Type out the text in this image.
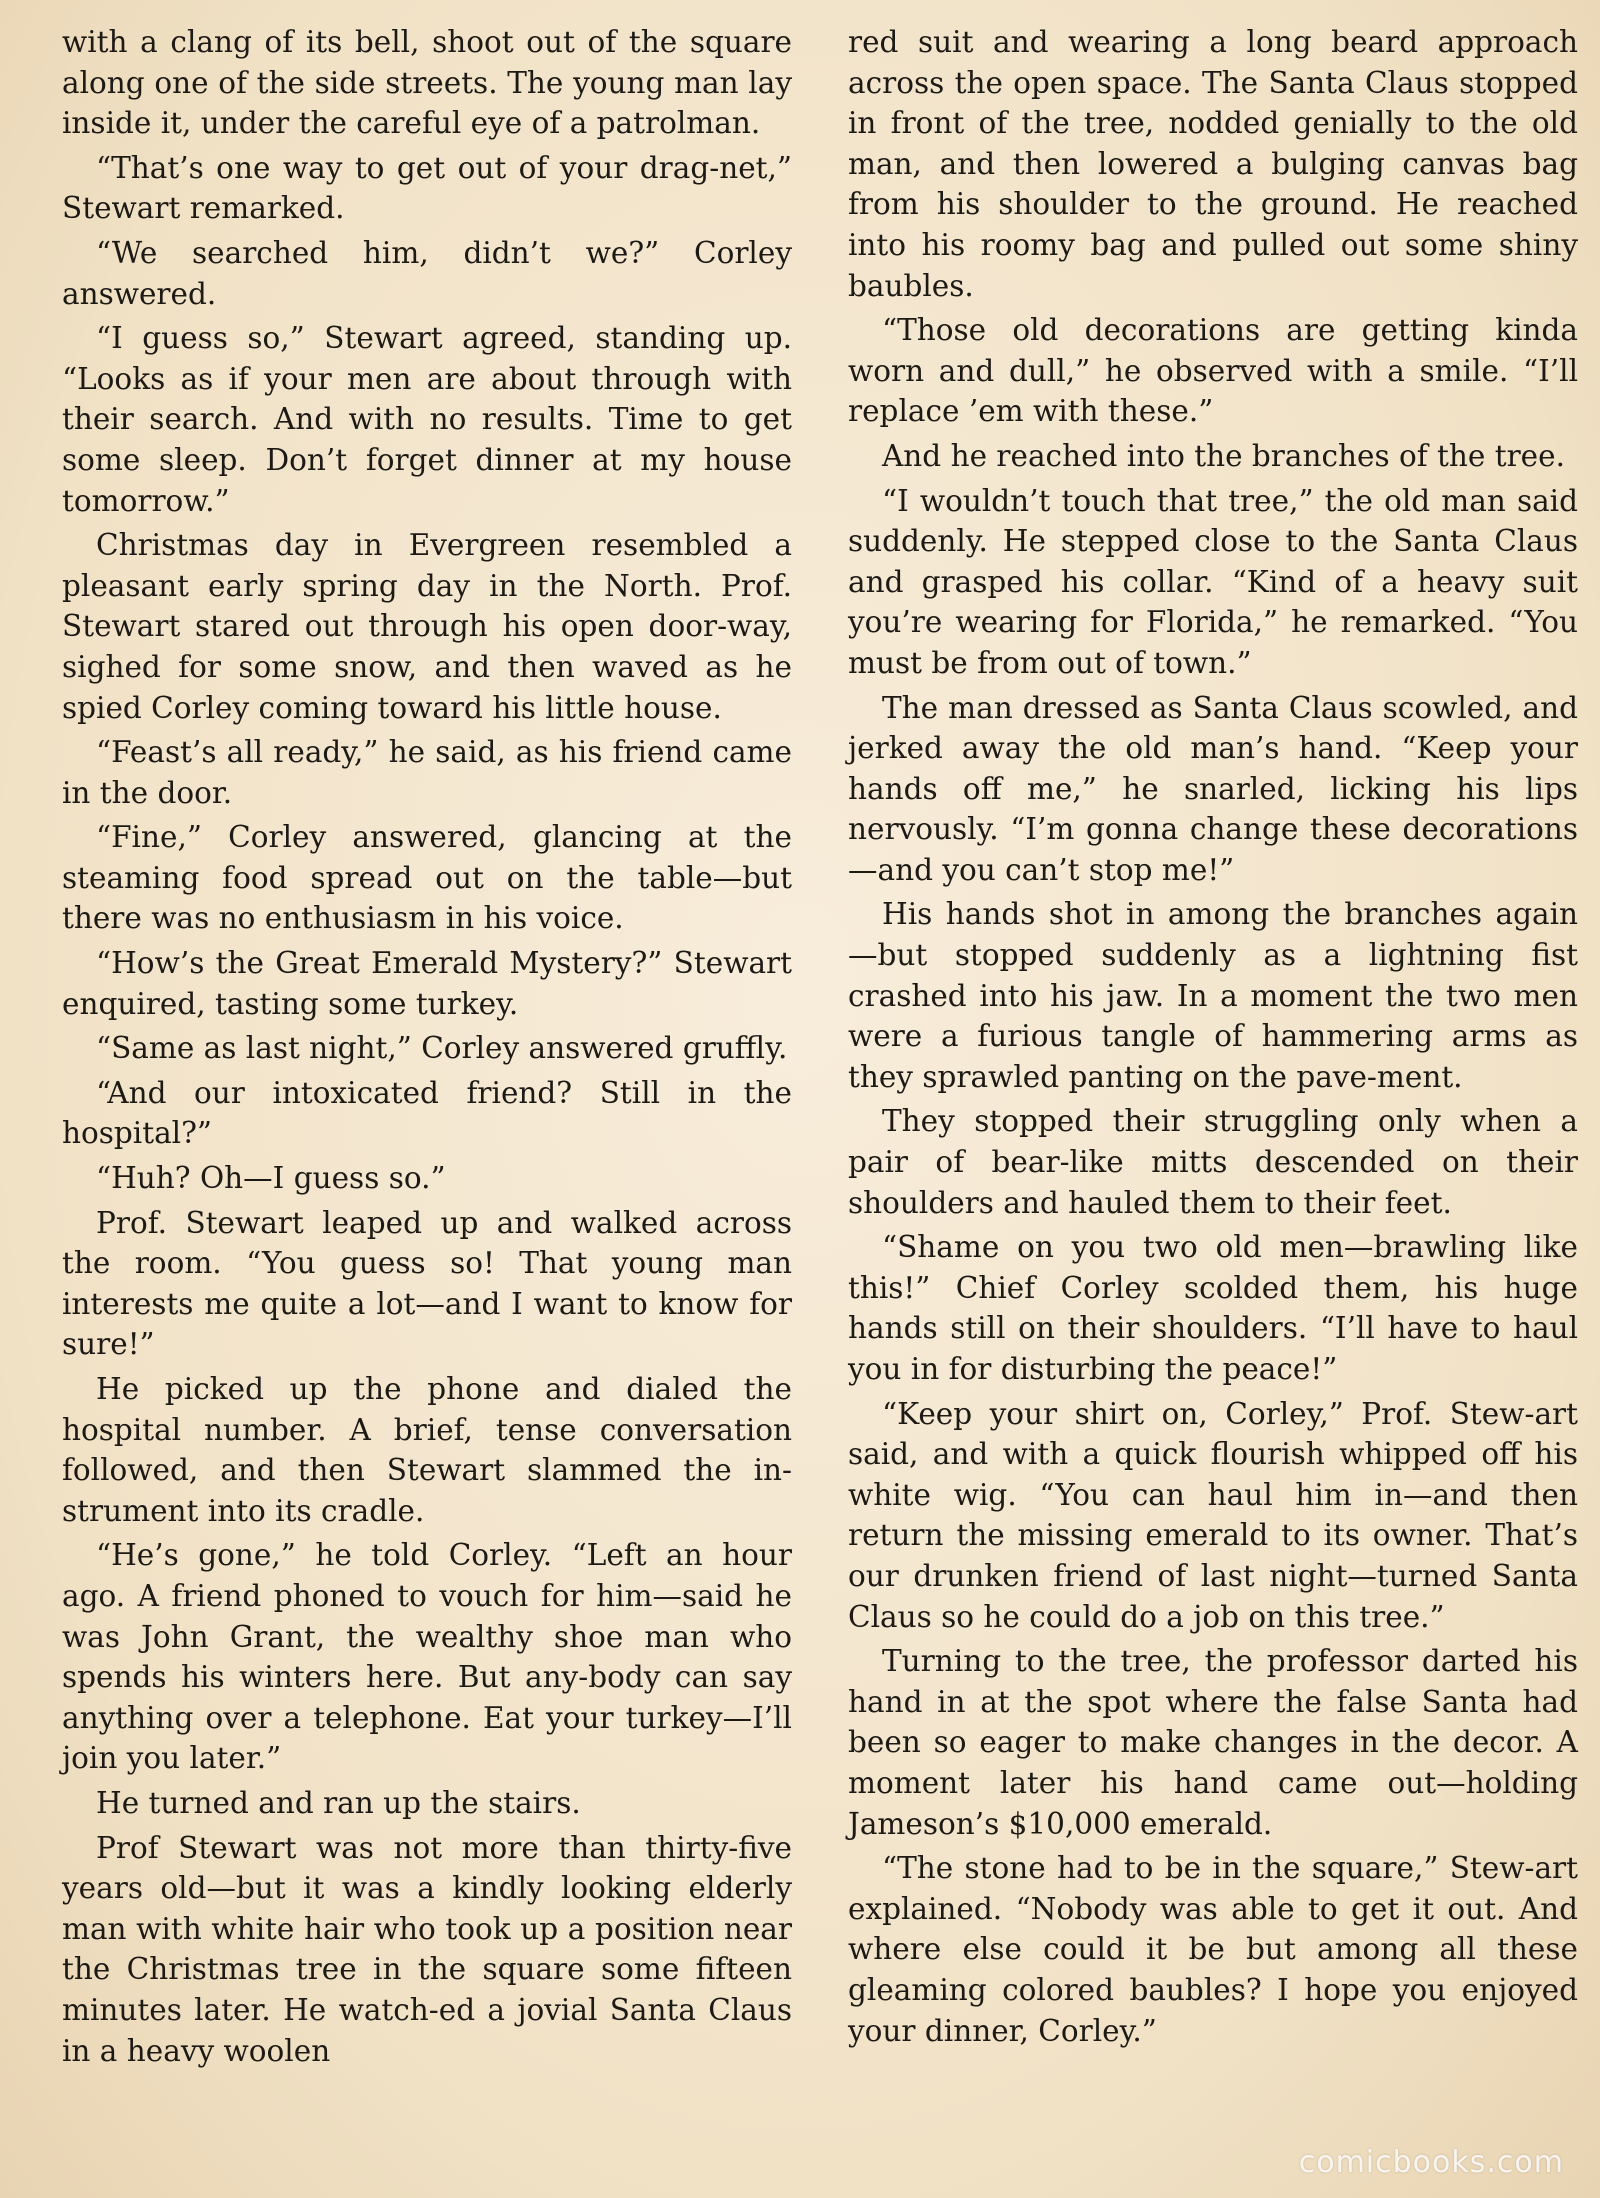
with a clang of its bell, shoot out of the square along one of the side streets. The young man lay inside it, under the careful eye of a patrolman.

“That’s one way to get out of your drag-net,” Stewart remarked.

“We searched him, didn’t we?” Corley answered.

“I guess so,” Stewart agreed, standing up. “Looks as if your men are about through with their search. And with no results. Time to get some sleep. Don’t forget dinner at my house tomorrow.”

Christmas day in Evergreen resembled a pleasant early spring day in the North. Prof. Stewart stared out through his open door-way, sighed for some snow, and then waved as he spied Corley coming toward his little house.

“Feast’s all ready,” he said, as his friend came in the door.

“Fine,” Corley answered, glancing at the steaming food spread out on the table—but there was no enthusiasm in his voice.

“How’s the Great Emerald Mystery?” Stewart enquired, tasting some turkey.

“Same as last night,” Corley answered gruffly.

“And our intoxicated friend? Still in the hospital?”

“Huh? Oh—I guess so.”

Prof. Stewart leaped up and walked across the room. “You guess so! That young man interests me quite a lot—and I want to know for sure!”

He picked up the phone and dialed the hospital number. A brief, tense conversation followed, and then Stewart slammed the in-strument into its cradle.

“He’s gone,” he told Corley. “Left an hour ago. A friend phoned to vouch for him—said he was John Grant, the wealthy shoe man who spends his winters here. But any-body can say anything over a telephone. Eat your turkey—I’ll join you later.”

He turned and ran up the stairs.

Prof Stewart was not more than thirty-five years old—but it was a kindly looking elderly man with white hair who took up a position near the Christmas tree in the square some fifteen minutes later. He watch-ed a jovial Santa Claus in a heavy woolen

red suit and wearing a long beard approach across the open space. The Santa Claus stopped in front of the tree, nodded genially to the old man, and then lowered a bulging canvas bag from his shoulder to the ground. He reached into his roomy bag and pulled out some shiny baubles.

“Those old decorations are getting kinda worn and dull,” he observed with a smile. “I’ll replace ’em with these.”

And he reached into the branches of the tree.

“I wouldn’t touch that tree,” the old man said suddenly. He stepped close to the Santa Claus and grasped his collar. “Kind of a heavy suit you’re wearing for Florida,” he remarked. “You must be from out of town.”

The man dressed as Santa Claus scowled, and jerked away the old man’s hand. “Keep your hands off me,” he snarled, licking his lips nervously. “I’m gonna change these decorations—and you can’t stop me!”

His hands shot in among the branches again—but stopped suddenly as a lightning fist crashed into his jaw. In a moment the two men were a furious tangle of hammering arms as they sprawled panting on the pave-ment.

They stopped their struggling only when a pair of bear-like mitts descended on their shoulders and hauled them to their feet.

“Shame on you two old men—brawling like this!” Chief Corley scolded them, his huge hands still on their shoulders. “I’ll have to haul you in for disturbing the peace!”

“Keep your shirt on, Corley,” Prof. Stew-art said, and with a quick flourish whipped off his white wig. “You can haul him in—and then return the missing emerald to its owner. That’s our drunken friend of last night—turned Santa Claus so he could do a job on this tree.”

Turning to the tree, the professor darted his hand in at the spot where the false Santa had been so eager to make changes in the decor. A moment later his hand came out—holding Jameson’s $10,000 emerald.

“The stone had to be in the square,” Stew-art explained. “Nobody was able to get it out. And where else could it be but among all these gleaming colored baubles? I hope you enjoyed your dinner, Corley.”

comicbooks.com
